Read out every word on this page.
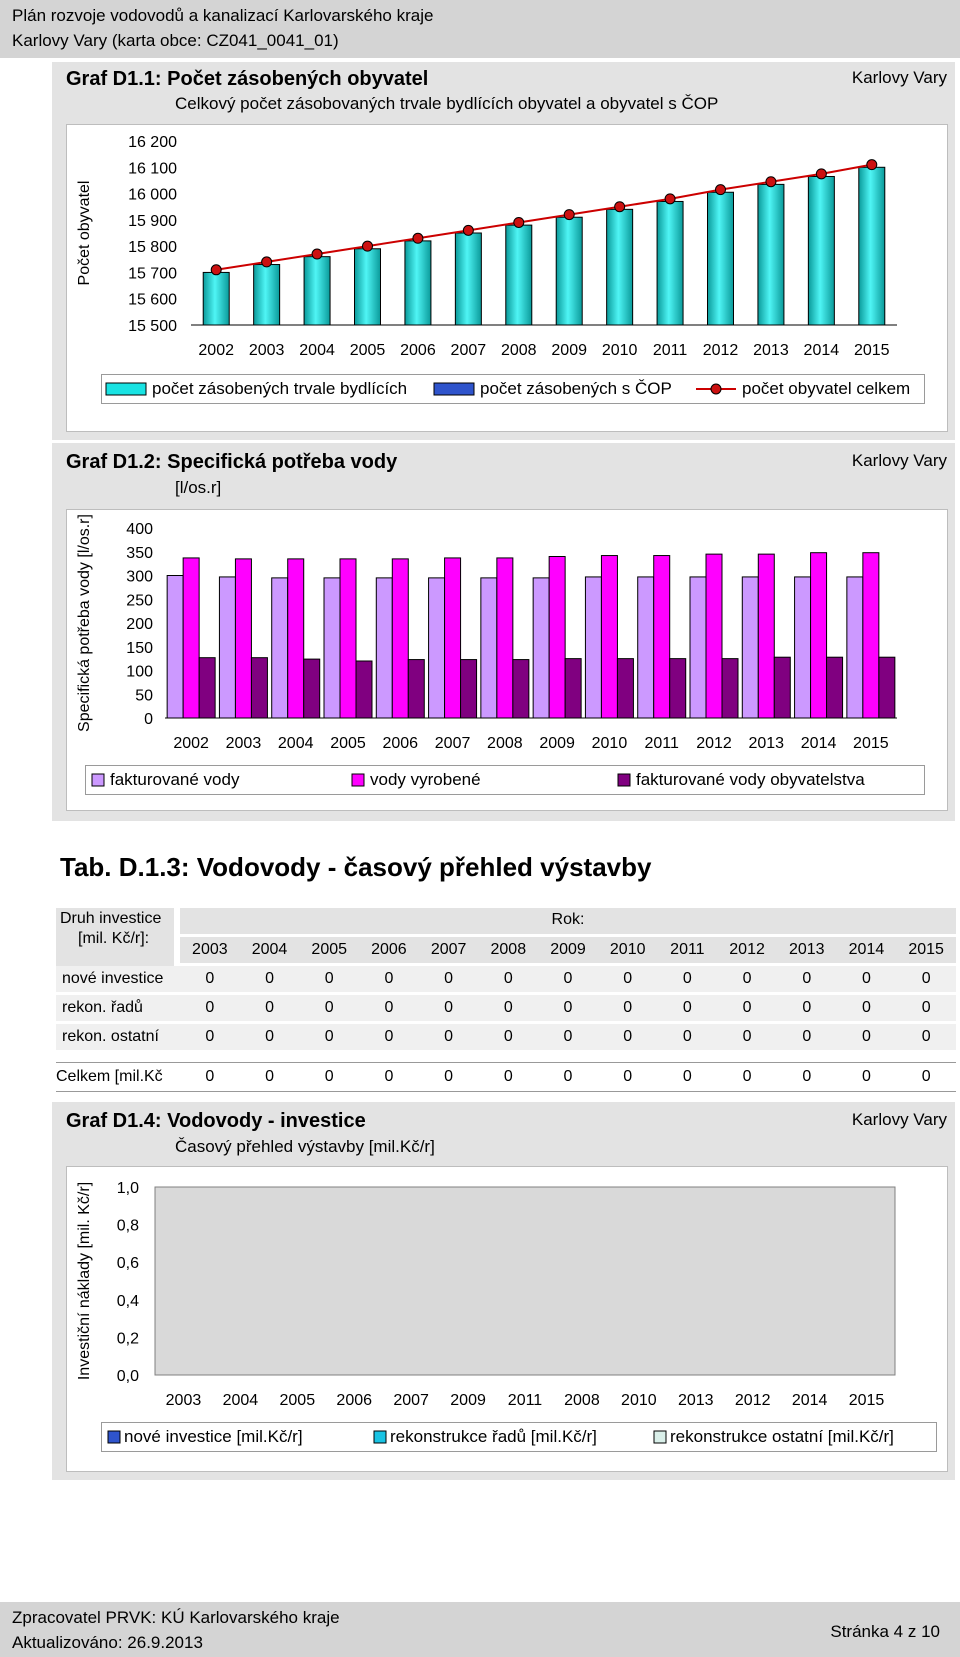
Plán rozvoje vodovodů a kanalizací Karlovarského kraje
Karlovy Vary (karta obce: CZ041_0041_01)
Graf D1.1: Počet zásobených obyvatel
Celkový počet zásobovaných trvale bydlících obyvatel a obyvatel s ČOP
Karlovy Vary
Počet obyvatel
16 200
16 100
16 000
15 900
15 800
15 700
15 600
15 500
2002 2003 2004 2005 2006 2007 2008 2009 2010 2011 2012 2013 2014 2015
počet zásobených trvale bydlících	počet zásobených s ČOP	počet obyvatel celkem
Graf D1.2: Specifická potřeba vody
[l/os.r]
Karlovy Vary
Specifická potřeba vody [l/os.r] 400
350
300
250
200
150
100
50
0
2002 2003 2004 2005 2006 2007 2008 2009 2010 2011 2012 2013 2014 2015
fakturované vody	vody vyrobené	fakturované vody obyvatelstva
Tab. D.1.3: Vodovody - časový přehled výstavby
Druh investice
[mil. Kč/r]:
Rok:
2003	2004	2005	2006	2007	2008	2009	2010	2011	2012	2013	2014	2015
nové investice	0	0	0	0	0	0	0	0	0	0	0	0	0
rekon. řadů	0	0	0	0	0	0	0	0	0	0	0	0	0
rekon. ostatní	0	0	0	0	0	0	0	0	0	0	0	0	0
Celkem [mil.Kč	0	0	0	0	0	0	0	0	0	0	0	0	0
Graf D1.4: Vodovody - investice
Časový přehled výstavby [mil.Kč/r]
Karlovy Vary
Investiční náklady [mil. Kč/r] 1,0
0,8
0,6
0,4
0,2
0,0
2003 2004 2005 2006 2007 2009 2011 2008 2010 2013 2012 2014 2015
nové investice [mil.Kč/r]	rekonstrukce řadů [mil.Kč/r]	rekonstrukce ostatní [mil.Kč/r]
Zpracovatel PRVK: KÚ Karlovarského kraje
Aktualizováno: 26.9.2013
Stránka 4 z 10
